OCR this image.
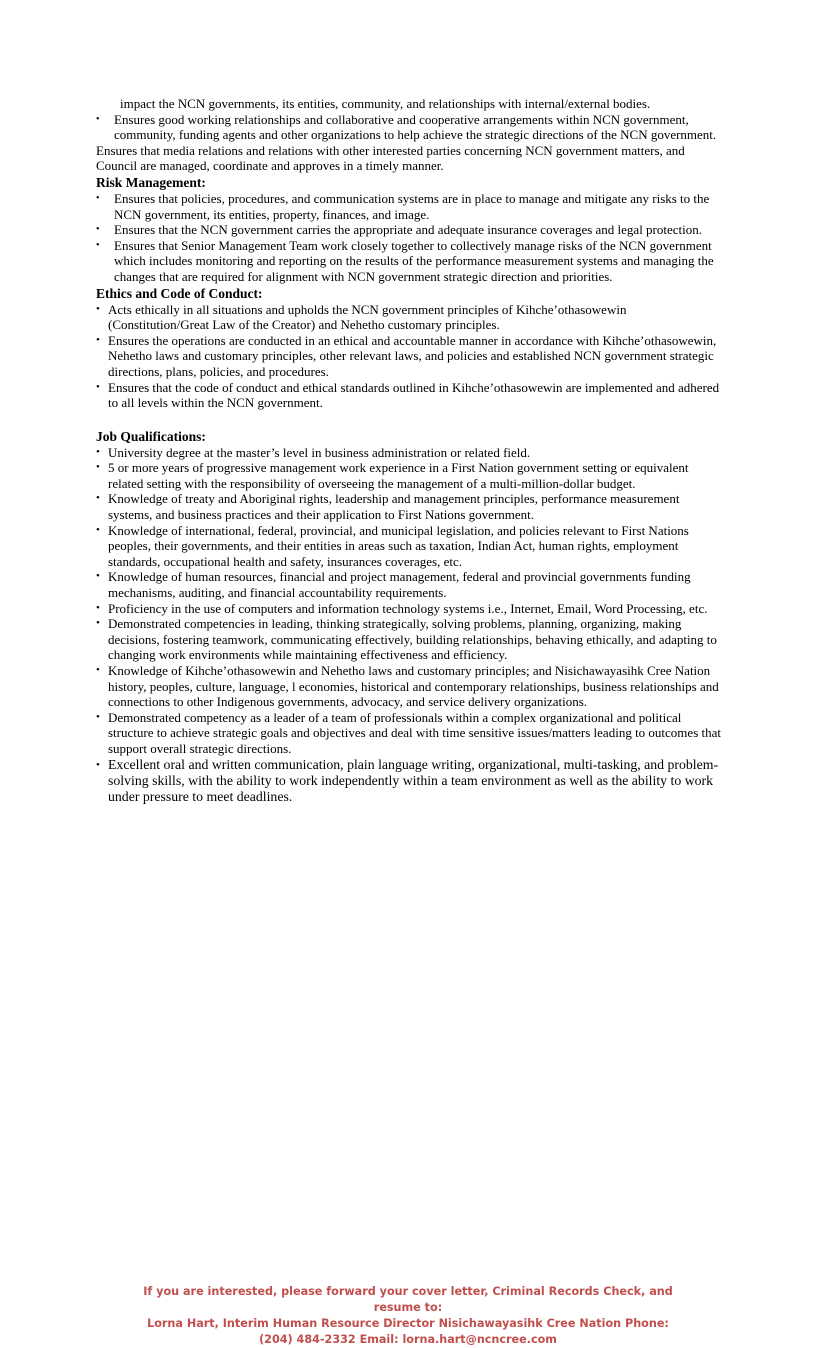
impact the NCN governments, its entities, community, and relationships with internal/external bodies.
• Ensures good working relationships and collaborative and cooperative arrangements within NCN government, community, funding agents and other organizations to help achieve the strategic directions of the NCN government.
Ensures that media relations and relations with other interested parties concerning NCN government matters, and Council are managed, coordinate and approves in a timely manner.
Risk Management:
• Ensures that policies, procedures, and communication systems are in place to manage and mitigate any risks to the NCN government, its entities, property, finances, and image.
• Ensures that the NCN government carries the appropriate and adequate insurance coverages and legal protection.
• Ensures that Senior Management Team work closely together to collectively manage risks of the NCN government which includes monitoring and reporting on the results of the performance measurement systems and managing the changes that are required for alignment with NCN government strategic direction and priorities.
Ethics and Code of Conduct:
• Acts ethically in all situations and upholds the NCN government principles of Kihche’othasowewin (Constitution/Great Law of the Creator) and Nehetho customary principles.
• Ensures the operations are conducted in an ethical and accountable manner in accordance with Kihche’othasowewin, Nehetho laws and customary principles, other relevant laws, and policies and established NCN government strategic directions, plans, policies, and procedures.
• Ensures that the code of conduct and ethical standards outlined in Kihche’othasowewin are implemented and adhered to all levels within the NCN government.
Job Qualifications:
• University degree at the master’s level in business administration or related field.
• 5 or more years of progressive management work experience in a First Nation government setting or equivalent related setting with the responsibility of overseeing the management of a multi-million-dollar budget.
• Knowledge of treaty and Aboriginal rights, leadership and management principles, performance measurement systems, and business practices and their application to First Nations government.
• Knowledge of international, federal, provincial, and municipal legislation, and policies relevant to First Nations peoples, their governments, and their entities in areas such as taxation, Indian Act, human rights, employment standards, occupational health and safety, insurances coverages, etc.
• Knowledge of human resources, financial and project management, federal and provincial governments funding mechanisms, auditing, and financial accountability requirements.
• Proficiency in the use of computers and information technology systems i.e., Internet, Email, Word Processing, etc.
• Demonstrated competencies in leading, thinking strategically, solving problems, planning, organizing, making decisions, fostering teamwork, communicating effectively, building relationships, behaving ethically, and adapting to changing work environments while maintaining effectiveness and efficiency.
• Knowledge of Kihche’othasowewin and Nehetho laws and customary principles; and Nisichawayasihk Cree Nation history, peoples, culture, language, l economies, historical and contemporary relationships, business relationships and connections to other Indigenous governments, advocacy, and service delivery organizations.
• Demonstrated competency as a leader of a team of professionals within a complex organizational and political structure to achieve strategic goals and objectives and deal with time sensitive issues/matters leading to outcomes that support overall strategic directions.
• Excellent oral and written communication, plain language writing, organizational, multi-tasking, and problem-solving skills, with the ability to work independently within a team environment as well as the ability to work under pressure to meet deadlines.
If you are interested, please forward your cover letter, Criminal Records Check, and resume to:
Lorna Hart, Interim Human Resource Director Nisichawayasihk Cree Nation Phone: (204) 484-2332 Email: lorna.hart@ncncree.com
